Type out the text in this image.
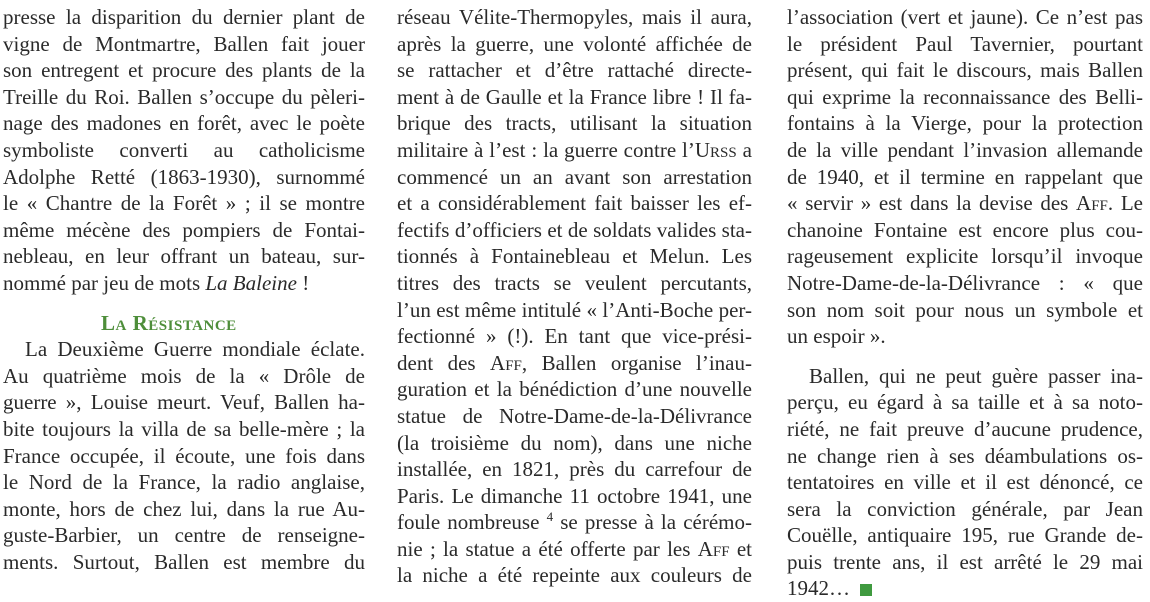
presse la disparition du dernier plant de
vigne de Montmartre, Ballen fait jouer
son entregent et procure des plants de la
Treille du Roi. Ballen s’occupe du pèleri-
nage des madones en forêt, avec le poète
symboliste converti au catholicisme
Adolphe Retté (1863-1930), surnommé
le « Chantre de la Forêt » ; il se montre
même mécène des pompiers de Fontai-
nebleau, en leur offrant un bateau, sur-
nommé par jeu de mots La Baleine !
La Résistance
La Deuxième Guerre mondiale éclate.
Au quatrième mois de la « Drôle de
guerre », Louise meurt. Veuf, Ballen ha-
bite toujours la villa de sa belle-mère ; la
France occupée, il écoute, une fois dans
le Nord de la France, la radio anglaise,
monte, hors de chez lui, dans la rue Au-
guste-Barbier, un centre de renseigne-
ments. Surtout, Ballen est membre du
réseau Vélite-Thermopyles, mais il aura,
après la guerre, une volonté affichée de
se rattacher et d’être rattaché directe-
ment à de Gaulle et la France libre ! Il fa-
brique des tracts, utilisant la situation
militaire à l’est : la guerre contre l’Urss a
commencé un an avant son arrestation
et a considérablement fait baisser les ef-
fectifs d’officiers et de soldats valides sta-
tionnés à Fontainebleau et Melun. Les
titres des tracts se veulent percutants,
l’un est même intitulé « l’Anti-Boche per-
fectionné » (!). En tant que vice-prési-
dent des Aff, Ballen organise l’inau-
guration et la bénédiction d’une nouvelle
statue de Notre-Dame-de-la-Délivrance
(la troisième du nom), dans une niche
installée, en 1821, près du carrefour de
Paris. Le dimanche 11 octobre 1941, une
foule nombreuse $^4$ se presse à la cérémo-
nie ; la statue a été offerte par les Aff et
la niche a été repeinte aux couleurs de
l’association (vert et jaune). Ce n’est pas
le président Paul Tavernier, pourtant
présent, qui fait le discours, mais Ballen
qui exprime la reconnaissance des Belli-
fontains à la Vierge, pour la protection
de la ville pendant l’invasion allemande
de 1940, et il termine en rappelant que
« servir » est dans la devise des Aff. Le
chanoine Fontaine est encore plus cou-
rageusement explicite lorsqu’il invoque
Notre-Dame-de-la-Délivrance : « que
son nom soit pour nous un symbole et
un espoir ».
Ballen, qui ne peut guère passer ina-
perçu, eu égard à sa taille et à sa noto-
riété, ne fait preuve d’aucune prudence,
ne change rien à ses déambulations os-
tentatoires en ville et il est dénoncé, ce
sera la conviction générale, par Jean
Couëlle, antiquaire 195, rue Grande de-
puis trente ans, il est arrêté le 29 mai
1942…
